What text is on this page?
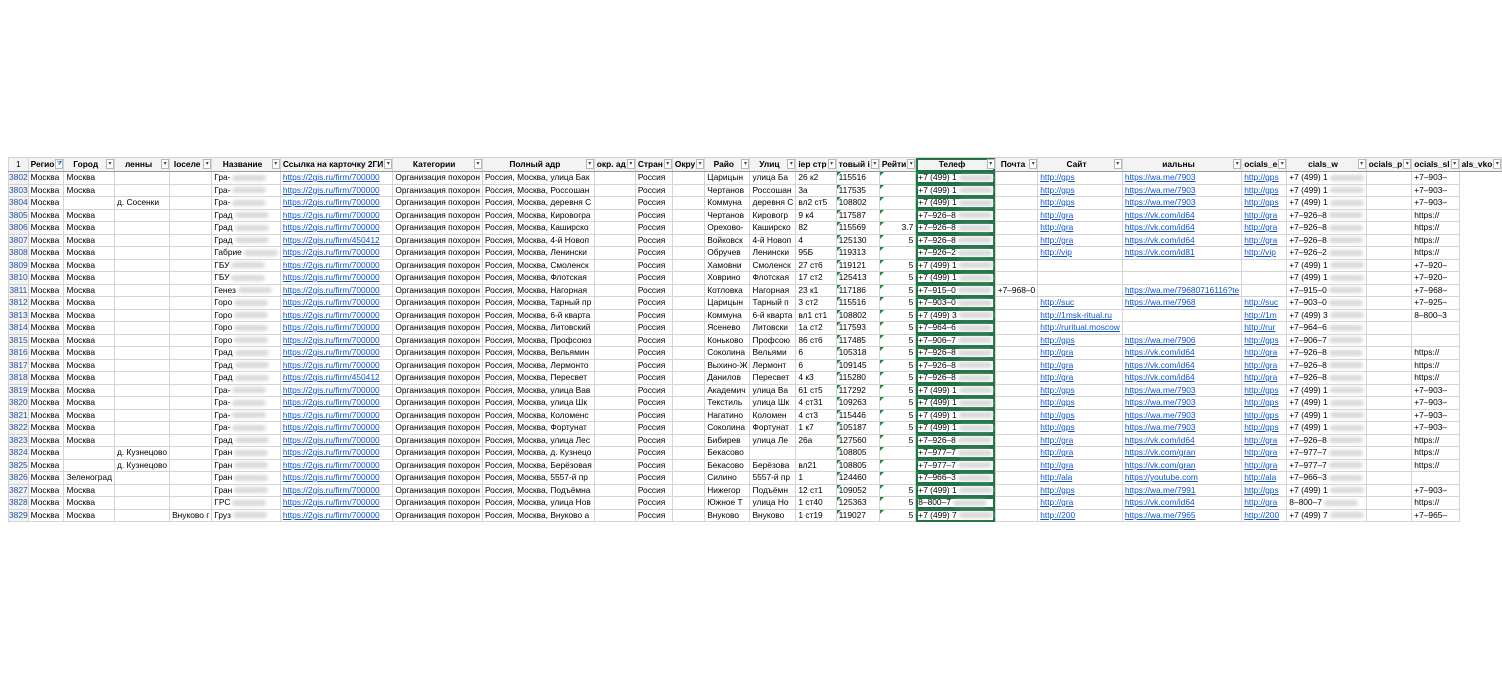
1	Регио ⧩	Город ▾	ленны ▾	Іоселе ▾	Название ▾	Ссылка на карточку 2ГИ ▾	Категории ▾	Полный адр ▾	окр. ад ▾	Стран ▾	Окру ▾	Райо ▾	Улиц ▾	іер стр ▾	товый і ▾	Рейти ▾	Телеф ▾	Почта ▾	Сайт ▾	иальны ▾	ocials_e ▾	cials_w ▾	ocials_p ▾	ocials_sl ▾	als_vko ▾

3802	Москва	Москва			Гра-	https://2gis.ru/firm/700000	Организация похорон	Россия, Москва, улица Бак		Россия		Царицын	улица Ба	26 к2	115516		+7 (499) 1		http://gps	https://wa.me/7903	http://gps	+7 (499) 1		+7–903–	
3803	Москва	Москва			Гра-	https://2gis.ru/firm/700000	Организация похорон	Россия, Москва, Россошан		Россия		Чертанов	Россошан	3а	117535		+7 (499) 1		http://gps	https://wa.me/7903	http://gps	+7 (499) 1		+7–903–	
3804	Москва		д. Сосенки		Гра-	https://2gis.ru/firm/700000	Организация похорон	Россия, Москва, деревня С		Россия		Коммуна	деревня С	вл2 ст5	108802		+7 (499) 1		http://gps	https://wa.me/7903	http://gps	+7 (499) 1		+7–903–	
3805	Москва	Москва			Град	https://2gis.ru/firm/700000	Организация похорон	Россия, Москва, Кировогра		Россия		Чертанов	Кировогр	9 к4	117587		+7–926–8		http://gra	https://vk.com/id64	http://gra	+7–926–8		https://	
3806	Москва	Москва			Град	https://2gis.ru/firm/700000	Организация похорон	Россия, Москва, Каширско		Россия		Орехово-	Каширско	82	115569	3.7	+7–926–8		http://gra	https://vk.com/id64	http://gra	+7–926–8		https://	
3807	Москва	Москва			Град	https://2gis.ru/firm/450412	Организация похорон	Россия, Москва, 4-й Новоп		Россия		Войковск	4-й Новоп	4	125130	5	+7–926–8		http://gra	https://vk.com/id64	http://gra	+7–926–8		https://	
3808	Москва	Москва			Габрие	https://2gis.ru/firm/700000	Организация похорон	Россия, Москва, Ленински		Россия		Обручев	Ленински	95Б	119313		+7–926–2		http://vip	https://vk.com/id81	http://vip	+7–926–2		https://	
3809	Москва	Москва			ГБУ	https://2gis.ru/firm/700000	Организация похорон	Россия, Москва, Смоленск		Россия		Хамовни	Смоленск	27 ст6	119121	5	+7 (499) 1					+7 (499) 1		+7–920–	
3810	Москва	Москва			ГБУ	https://2gis.ru/firm/700000	Организация похорон	Россия, Москва, Флотская		Россия		Ховрино	Флотская	17 ст2	125413	5	+7 (499) 1					+7 (499) 1		+7–920–	
3811	Москва	Москва			Генез	https://2gis.ru/firm/700000	Организация похорон	Россия, Москва, Нагорная		Россия		Котловка	Нагорная	23 к1	117186	5	+7–915–0	+7–968–0		https://wa.me/79680716116?te		+7–915–0		+7–968–	
3812	Москва	Москва			Горо	https://2gis.ru/firm/700000	Организация похорон	Россия, Москва, Тарный пр		Россия		Царицын	Тарный п	3 ст2	115516	5	+7–903–0		http://suc	https://wa.me/7968	http://suc	+7–903–0		+7–925–	
3813	Москва	Москва			Горо	https://2gis.ru/firm/700000	Организация похорон	Россия, Москва, 6-й кварта		Россия		Коммуна	6-й кварта	вл1 ст1	108802	5	+7 (499) 3		http://1msk-ritual.ru		http://1m	+7 (499) 3		8–800–3	
3814	Москва	Москва			Горо	https://2gis.ru/firm/700000	Организация похорон	Россия, Москва, Литовский		Россия		Ясенево	Литовски	1а ст2	117593	5	+7–964–6		http://ruritual.moscow		http://rur	+7–964–6			
3815	Москва	Москва			Горо	https://2gis.ru/firm/700000	Организация похорон	Россия, Москва, Профсоюз		Россия		Коньково	Профсою	86 ст6	117485	5	+7–906–7		http://gps	https://wa.me/7906	http://gps	+7–906–7			
3816	Москва	Москва			Град	https://2gis.ru/firm/700000	Организация похорон	Россия, Москва, Вельямин		Россия		Соколина	Вельями	6	105318	5	+7–926–8		http://gra	https://vk.com/id64	http://gra	+7–926–8		https://	
3817	Москва	Москва			Град	https://2gis.ru/firm/700000	Организация похорон	Россия, Москва, Лермонто		Россия		Выхино-Ж	Лермонт	6	109145	5	+7–926–8		http://gra	https://vk.com/id64	http://gra	+7–926–8		https://	
3818	Москва	Москва			Град	https://2gis.ru/firm/450412	Организация похорон	Россия, Москва, Пересвет		Россия		Данилов	Пересвет	4 к3	115280	5	+7–926–8		http://gra	https://vk.com/id64	http://gra	+7–926–8		https://	
3819	Москва	Москва			Гра-	https://2gis.ru/firm/700000	Организация похорон	Россия, Москва, улица Вав		Россия		Академич	улица Ва	61 ст5	117292	5	+7 (499) 1		http://gps	https://wa.me/7903	http://gps	+7 (499) 1		+7–903–	
3820	Москва	Москва			Гра-	https://2gis.ru/firm/700000	Организация похорон	Россия, Москва, улица Шк		Россия		Текстиль	улица Шк	4 ст31	109263	5	+7 (499) 1		http://gps	https://wa.me/7903	http://gps	+7 (499) 1		+7–903–	
3821	Москва	Москва			Гра-	https://2gis.ru/firm/700000	Организация похорон	Россия, Москва, Коломенс		Россия		Нагатино	Коломен	4 ст3	115446	5	+7 (499) 1		http://gps	https://wa.me/7903	http://gps	+7 (499) 1		+7–903–	
3822	Москва	Москва			Гра-	https://2gis.ru/firm/700000	Организация похорон	Россия, Москва, Фортунат		Россия		Соколина	Фортунат	1 к7	105187	5	+7 (499) 1		http://gps	https://wa.me/7903	http://gps	+7 (499) 1		+7–903–	
3823	Москва	Москва			Град	https://2gis.ru/firm/700000	Организация похорон	Россия, Москва, улица Лес		Россия		Бибирев	улица Ле	26а	127560	5	+7–926–8		http://gra	https://vk.com/id64	http://gra	+7–926–8		https://	
3824	Москва		д. Кузнецово		Гран	https://2gis.ru/firm/700000	Организация похорон	Россия, Москва, д. Кузнецо		Россия		Бекасово			108805		+7–977–7		http://gra	https://vk.com/gran	http://gra	+7–977–7		https://	
3825	Москва		д. Кузнецово		Гран	https://2gis.ru/firm/700000	Организация похорон	Россия, Москва, Берёзовая		Россия		Бекасово	Берёзова	вл21	108805		+7–977–7		http://gra	https://vk.com/gran	http://gra	+7–977–7		https://	
3826	Москва	Зеленоград			Гран	https://2gis.ru/firm/700000	Организация похорон	Россия, Москва, 5557-й пр		Россия		Силино	5557-й пр	1	124460		+7–966–3		http://ala	https://youtube.com	http://ala	+7–966–3			
3827	Москва	Москва			Гран	https://2gis.ru/firm/700000	Организация похорон	Россия, Москва, Подъёмна		Россия		Нижегор	Подъёмн	12 ст1	109052	5	+7 (499) 1		http://gps	https://wa.me/7991	http://gps	+7 (499) 1		+7–903–	
3828	Москва	Москва			ГРС	https://2gis.ru/firm/700000	Организация похорон	Россия, Москва, улица Нов		Россия		Южное Т	улица Но	1 ст40	125363	5	8–800–7		http://gra	https://vk.com/id64	http://gra	8–800–7		https://	
3829	Москва	Москва		Внуково г	Груз	https://2gis.ru/firm/700000	Организация похорон	Россия, Москва, Внуково а		Россия		Внуково	Внуково	1 ст19	119027	5	+7 (499) 7		http://200	https://wa.me/7965	http://200	+7 (499) 7		+7–965–	
